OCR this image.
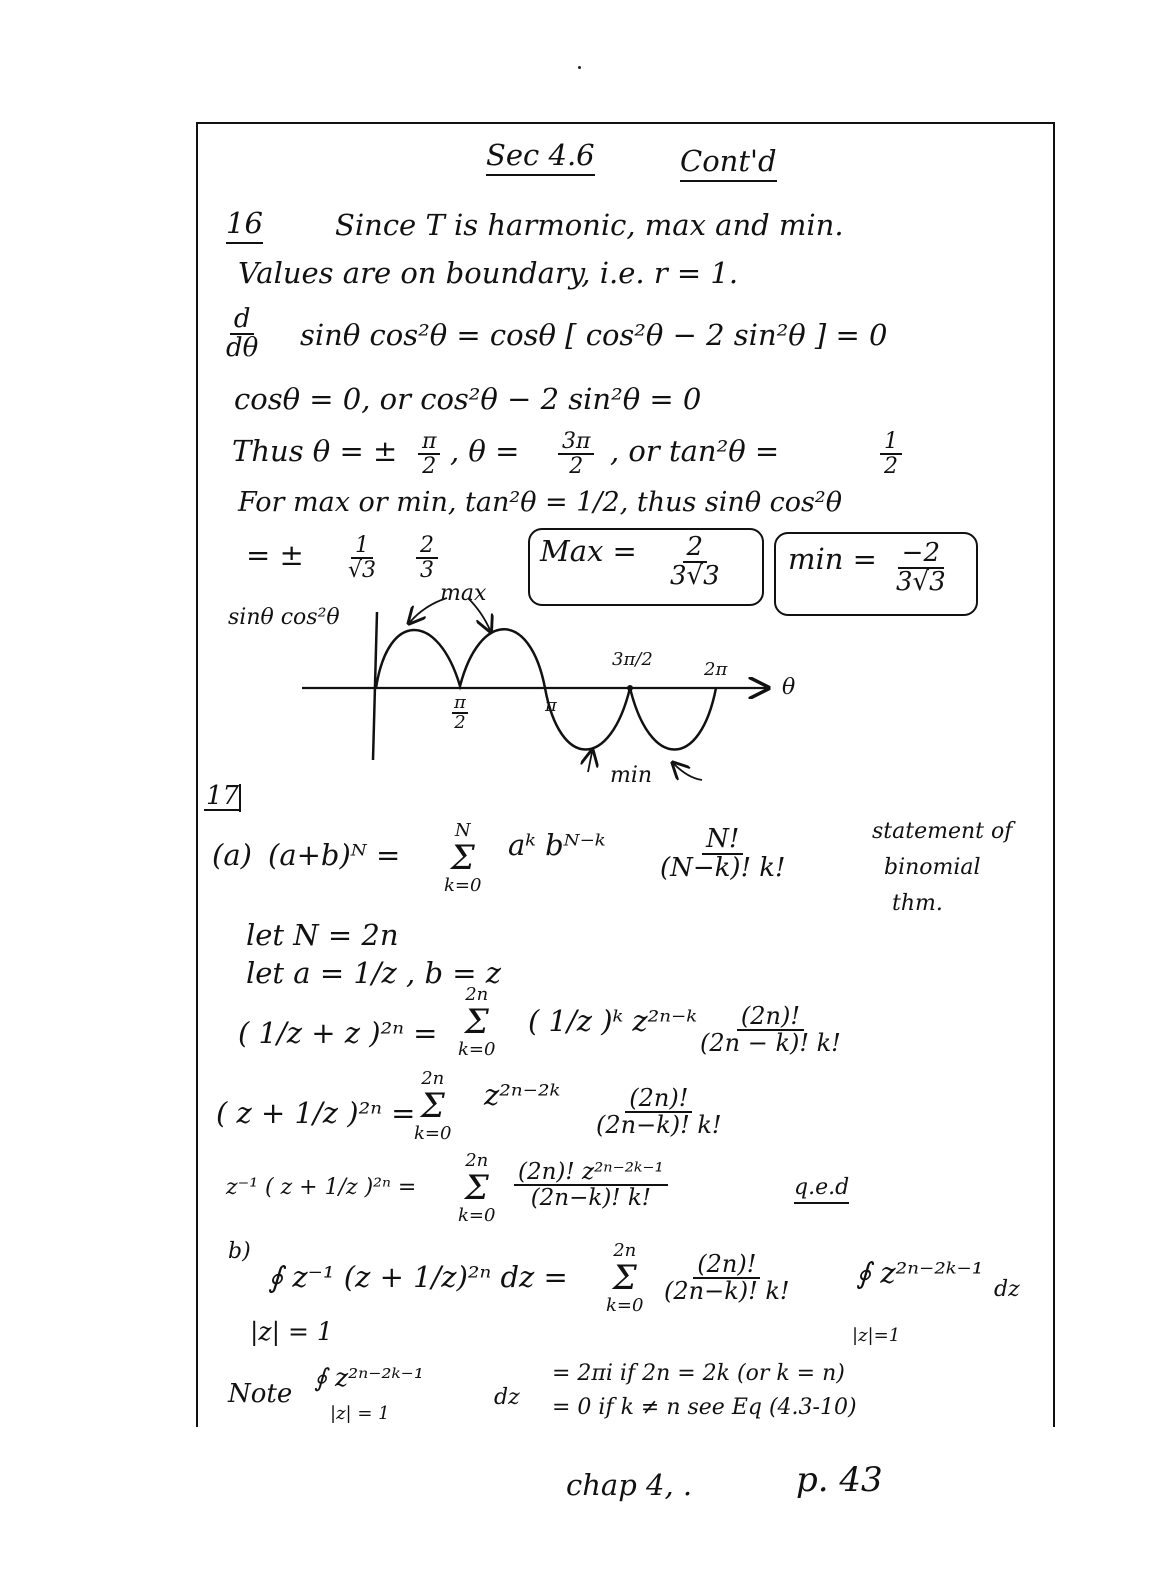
Sec 4.6	Cont'd
16 Since T is harmonic, max and min.
Values are on boundary, i.e. r = 1.
$\frac{d}{d\theta}$ sinθ cos²θ = cosθ [ cos²θ − 2 sin²θ ] = 0
cosθ = 0, or cos²θ − 2 sin²θ = 0
Thus θ = ± $\frac{\pi}{2}$ , $\theta = \frac{3\pi}{2}$ , or tan²θ =	$\frac{1}{2}$
For max or min, tan²θ = 1/2, thus sinθ cos²θ
= ± $\frac{1}{√3} \frac{2}{3}$	Max = $\frac{2}{3√3}$ $\min = \frac{-2}{3√3}$
sinθ cos²θ
max
π
2
π
3π/2	2π
θ
min
17
(a) (a+b)ᴺ =
N
Σ
k=0
aᵏ bᴺ⁻ᵏ $\frac{N!}{(N-k)! k!}$	statement of
binomial
thm.
let N = 2n
let a = 1/z , b = z
( 1/z + z )²ⁿ =
2n
Σ
k=0
( 1/z )ᵏ z²ⁿ⁻ᵏ $\frac{(2n)!}{(2n - k)! k!}$
( z + 1/z )²ⁿ =
2n
Σ
k=0
z²ⁿ⁻²ᵏ $\frac{(2n)!}{(2n-k)! k!}$
z⁻¹ ( z + 1/z )²ⁿ =
2n
Σ
k=0
$\frac{\text{(2n)! z²ⁿ⁻²ᵏ⁻¹}}{(2n-k)! k!}$	q.e.d
b)
∮ z⁻¹ (z + 1/z)²ⁿ dz =
|z| = 1
2n
Σ
k=0
$\frac{(2n)!}{(2n-k)! k!}$ ∮ z²ⁿ⁻²ᵏ⁻¹ dz
|z|=1
Note
∮ z²ⁿ⁻²ᵏ⁻¹
|z| = 1
dz
= 2πi if 2n = 2k (or k = n)
= 0 if k ≠ n see Eq (4.3-10)
chap 4, .	p. 43
